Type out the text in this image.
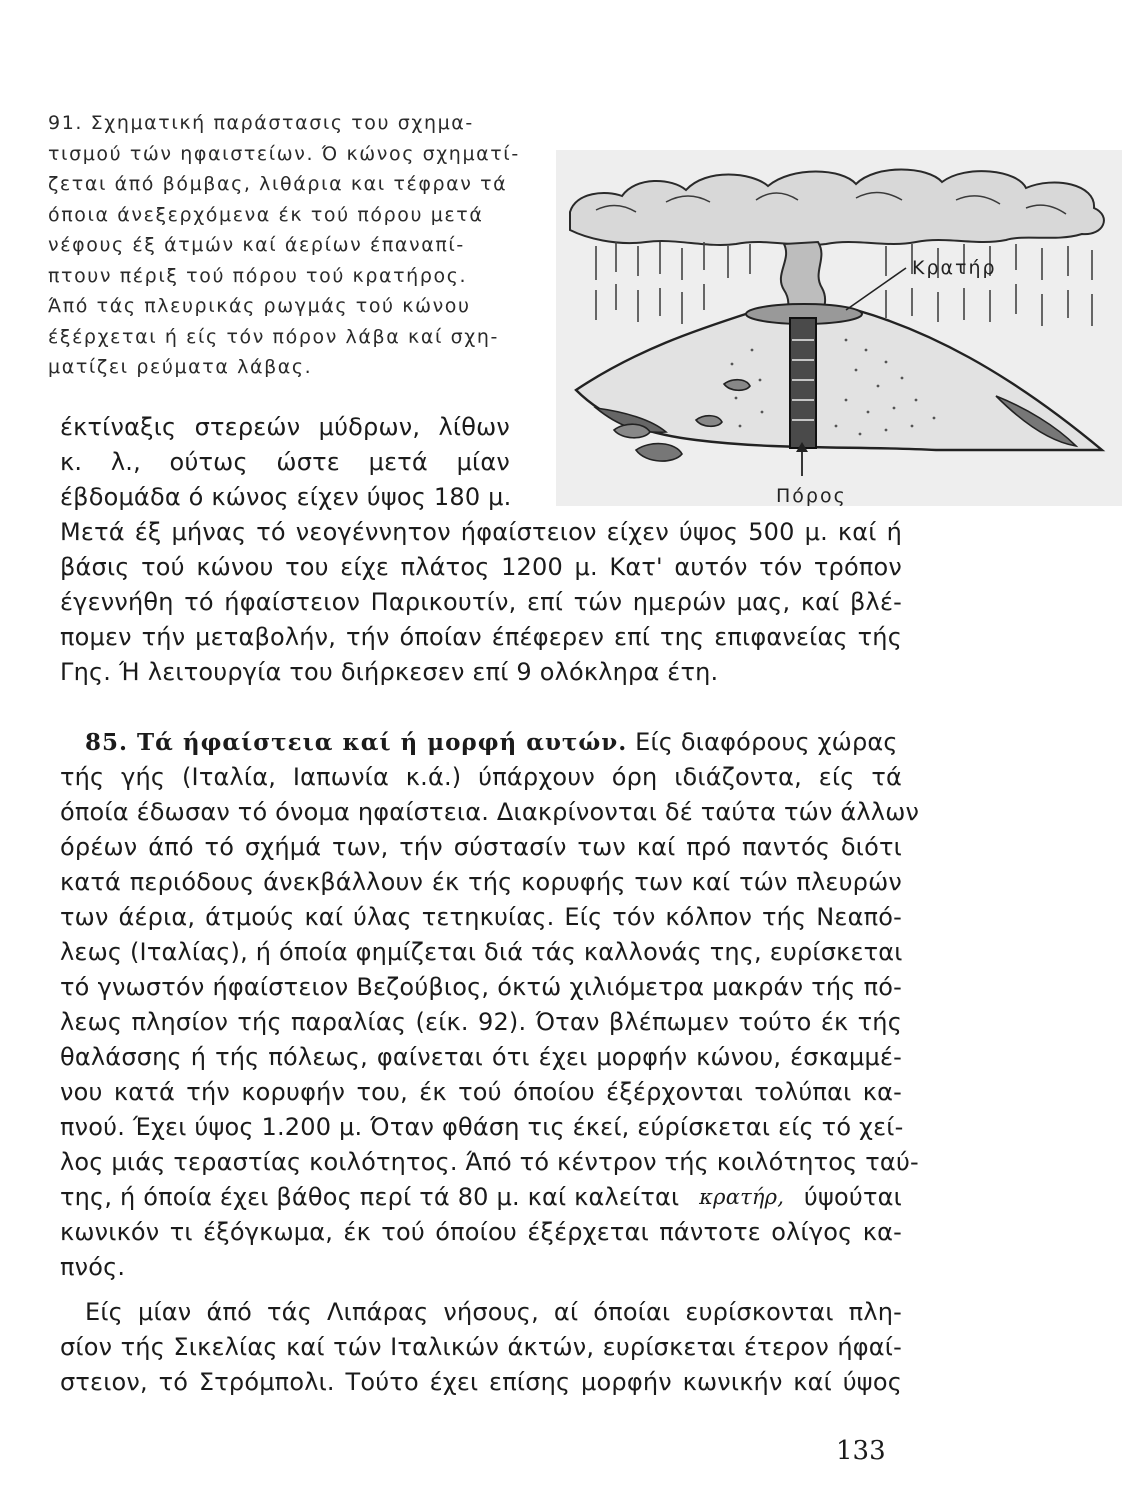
91. Σχηματική παράστασις του σχημα-
τισμού τών ηφαιστείων. Ό κώνος σχηματί-
ζεται άπό βόμβας, λιθάρια και τέφραν τά
όποια άνεξερχόμενα έκ τού πόρου μετά
νέφους έξ άτμών καί άερίων έπαναπί-
πτουν πέριξ τού πόρου τού κρατήρος.
Άπό τάς πλευρικάς ρωγμάς τού κώνου
έξέρχεται ή είς τόν πόρον λάβα καί σχη-
ματίζει ρεύματα λάβας.
Κρατήρ
Πόρος
έκτίναξις στερεών μύδρων, λίθων
κ. λ., ούτως ώστε μετά μίαν
έβδομάδα ό κώνος είχεν ύψος 180 μ.
Μετά έξ μήνας τό νεογέννητον ήφαίστειον είχεν ύψος 500 μ. καί ή
βάσις τού κώνου του είχε πλάτος 1200 μ. Κατ' αυτόν τόν τρόπον
έγεννήθη τό ήφαίστειον Παρικουτίν, επί τών ημερών μας, καί βλέ-
πομεν τήν μεταβολήν, τήν όποίαν έπέφερεν επί της επιφανείας τής
Γης. Ή λειτουργία του διήρκεσεν επί 9 ολόκληρα έτη.
85. Τά ήφαίστεια καί ή μορφή αυτών. Είς διαφόρους χώρας
τής γής (Ιταλία, Ιαπωνία κ.ά.) ύπάρχουν όρη ιδιάζοντα, είς τά
όποία έδωσαν τό όνομα ηφαίστεια. Διακρίνονται δέ ταύτα τών άλλων
όρέων άπό τό σχήμά των, τήν σύστασίν των καί πρό παντός διότι
κατά περιόδους άνεκβάλλουν έκ τής κορυφής των καί τών πλευρών
των άέρια, άτμούς καί ύλας τετηκυίας. Είς τόν κόλπον τής Νεαπό-
λεως (Ιταλίας), ή όποία φημίζεται διά τάς καλλονάς της, ευρίσκεται
τό γνωστόν ήφαίστειον Βεζούβιος, όκτώ χιλιόμετρα μακράν τής πό-
λεως πλησίον τής παραλίας (είκ. 92). Όταν βλέπωμεν τούτο έκ τής
θαλάσσης ή τής πόλεως, φαίνεται ότι έχει μορφήν κώνου, έσκαμμέ-
νου κατά τήν κορυφήν του, έκ τού όποίου έξέρχονται τολύπαι κα-
πνού. Έχει ύψος 1.200 μ. Όταν φθάση τις έκεί, εύρίσκεται είς τό χεί-
λος μιάς τεραστίας κοιλότητος. Άπό τό κέντρον τής κοιλότητος ταύ-
της, ή όποία έχει βάθος περί τά 80 μ. καί καλείται κρατήρ, ύψούται
κωνικόν τι έξόγκωμα, έκ τού όποίου έξέρχεται πάντοτε ολίγος κα-
πνός.
Είς μίαν άπό τάς Λιπάρας νήσους, αί όποίαι ευρίσκονται πλη-
σίον τής Σικελίας καί τών Ιταλικών άκτών, ευρίσκεται έτερον ήφαί-
στειον, τό Στρόμπολι. Τούτο έχει επίσης μορφήν κωνικήν καί ύψος
133
